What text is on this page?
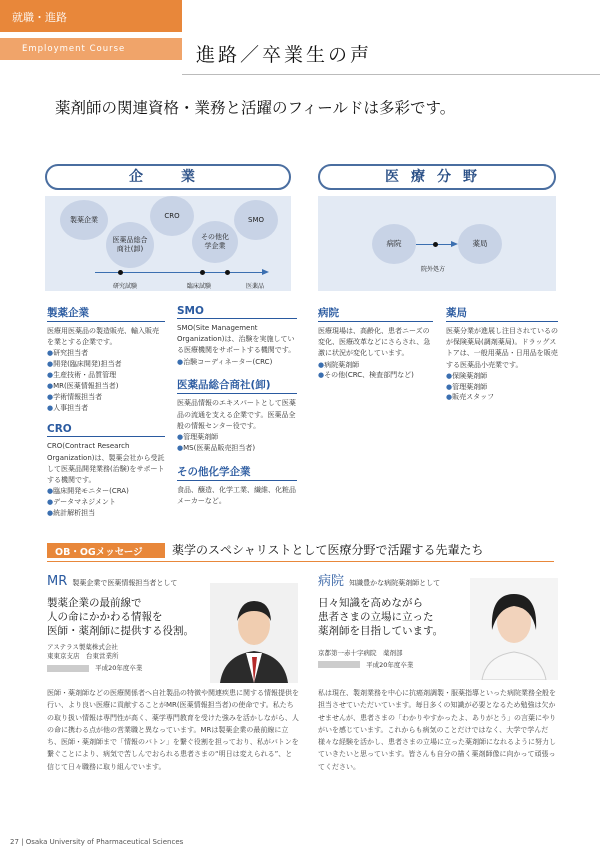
就職・進路
Employment Course	進路／卒業生の声
薬剤師の関連資格・業務と活躍のフィールドは多彩です。
企　業
製薬企業
医薬品総合商社(卸)
CRO
その他化学企業
SMO
研究試験	臨床試験	医薬品
医療分野
病院	薬局
院外処方
製薬企業
医療用医薬品の製造販売、輸入販売を業とする企業です。
●研究担当者
●開発(臨床開発)担当者
●生産技術・品質管理
●MR(医薬情報担当者)
●学術情報担当者
●人事担当者
CRO
CRO(Contract Research Organization)は、製薬会社から受託して医薬品開発業務(治験)をサポートする機関です。
●臨床開発モニター(CRA)
●データマネジメント
●統計解析担当
SMO
SMO(Site Management Organization)は、治験を実施している医療機関をサポートする機関です。
●治験コーディネーター(CRC)
医薬品総合商社(卸)
医薬品情報のエキスパートとして医薬品の流通を支える企業です。医薬品全般の情報センター役です。
●管理薬剤師
●MS(医薬品販売担当者)
その他化学企業
食品、醸造、化学工業、繊維、化粧品メーカーなど。
病院
医療現場は、高齢化、患者ニーズの変化、医療改革などにさらされ、急激に状況が変化しています。
●病院薬剤師
●その他(CRC、検査部門など)
薬局
医薬分業が進展し注目されているのが保険薬局(調剤薬局)。ドラッグストアは、一般用薬品・日用品を販売する医薬品小売業です。
●保険薬剤師
●管理薬剤師
●販売スタッフ
OB・OGメッセージ	薬学のスペシャリストとして医療分野で活躍する先輩たち
MR 製薬企業で医薬情報担当者として
製薬企業の最前線で
人の命にかかわる情報を
医師・薬剤師に提供する役割。
アステラス製薬株式会社
東東京支店　台東営業所
平成20年度卒業
医師・薬剤師などの医療関係者へ自社製品の特徴や関連疾患に関する情報提供を行い、より良い医療に貢献することがMR(医薬情報担当者)の使命です。私たちの取り扱い情報は専門性が高く、薬学専門教育を受けた強みを活かしながら、人の命に携わる点が他の営業職と異なっています。MRは製薬企業の最前線に立ち、医師・薬剤師まで「情報のバトン」を繋ぐ役割を担っており、私がバトンを繋ぐことにより、病気で苦しんでおられる患者さまの“明日は変えられる”、と信じて日々職務に取り組んでいます。
病院 知識豊かな病院薬剤師として
日々知識を高めながら
患者さまの立場に立った
薬剤師を目指しています。
京都第一赤十字病院　薬剤部
平成20年度卒業
私は現在、製剤業務を中心に抗癌剤調製・服薬指導といった病院業務全般を担当させていただいています。毎日多くの知識が必要となるため勉強は欠かせませんが、患者さまの「わかりやすかったよ、ありがとう」の言葉にやりがいを感じています。これからも病気のことだけではなく、大学で学んだ様々な経験を活かし、患者さまの立場に立った薬剤師になれるように努力していきたいと思っています。皆さんも自分の描く薬剤師像に向かって頑張ってください。
27 | Osaka University of Pharmaceutical Sciences
